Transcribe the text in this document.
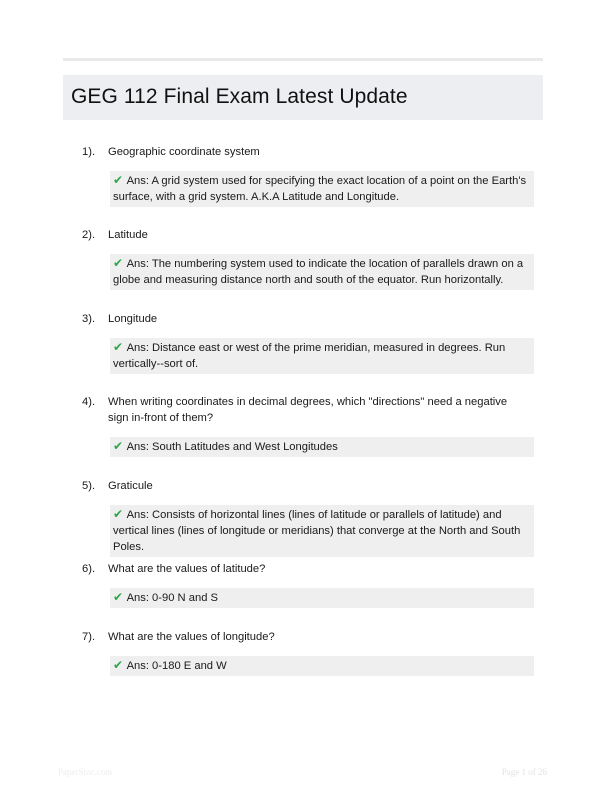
GEG 112 Final Exam Latest Update
1).	Geographic coordinate system
✔ Ans: A grid system used for specifying the exact location of a point on the Earth's surface, with a grid system. A.K.A Latitude and Longitude.
2).	Latitude
✔ Ans: The numbering system used to indicate the location of parallels drawn on a globe and measuring distance north and south of the equator. Run horizontally.
3).	Longitude
✔ Ans: Distance east or west of the prime meridian, measured in degrees. Run vertically--sort of.
4).	When writing coordinates in decimal degrees, which "directions" need a negative sign in-front of them?
✔ Ans: South Latitudes and West Longitudes
5).	Graticule
✔ Ans: Consists of horizontal lines (lines of latitude or parallels of latitude) and vertical lines (lines of longitude or meridians) that converge at the North and South Poles.
6).	What are the values of latitude?
✔ Ans: 0-90 N and S
7).	What are the values of longitude?
✔ Ans: 0-180 E and W
PaperStoc.com	Page 1 of 26
